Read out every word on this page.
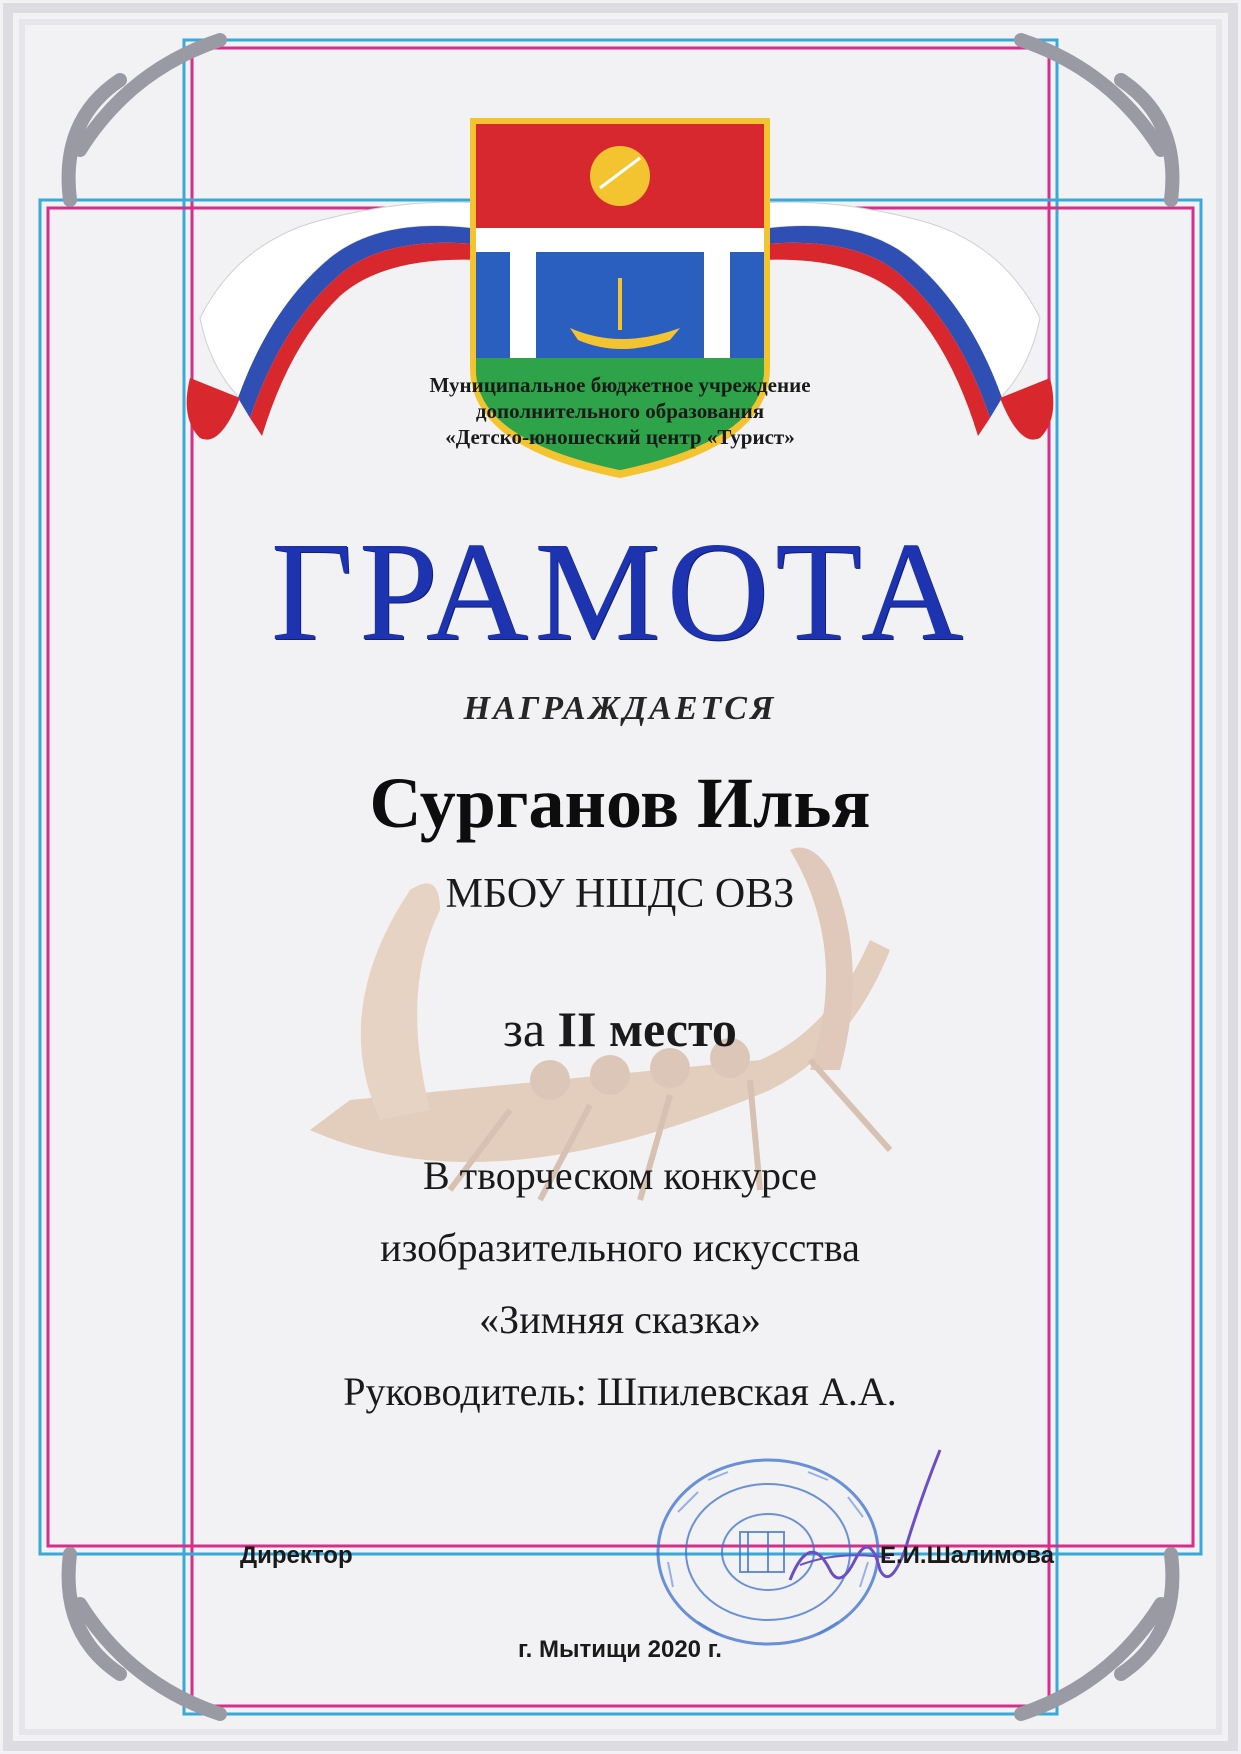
Муниципальное бюджетное учреждение
дополнительного образования
«Детско-юношеский центр «Турист»
ГРАМОТА
НАГРАЖДАЕТСЯ
Сурганов Илья
МБОУ НШДС ОВЗ
за II место
В творческом конкурсе
изобразительного искусства
«Зимняя сказка»
Руководитель: Шпилевская А.А.
Директор	Е.И.Шалимова
г. Мытищи 2020 г.
